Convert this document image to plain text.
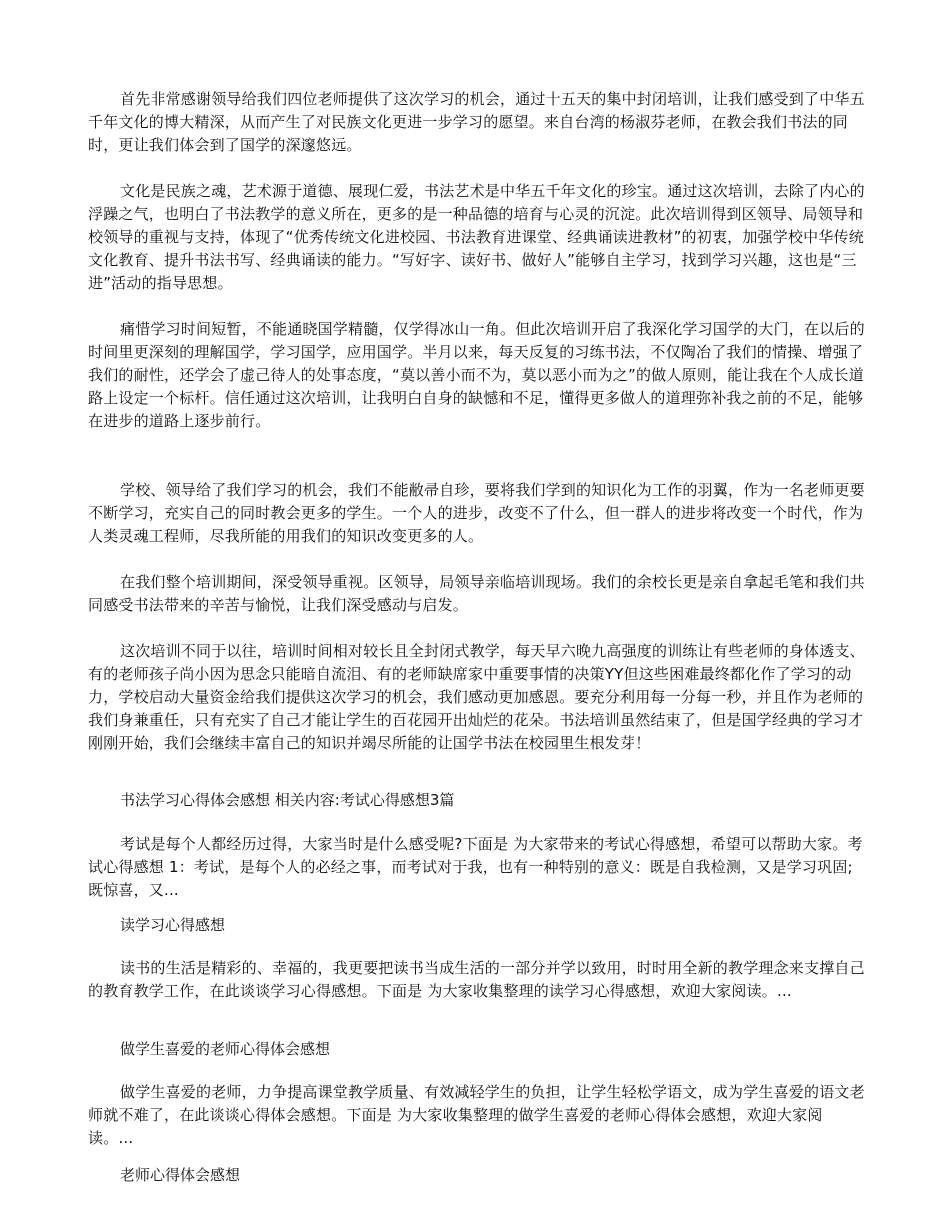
首先非常感谢领导给我们四位老师提供了这次学习的机会，通过十五天的集中封闭培训，让我们感受到了中华五千年文化的博大精深，从而产生了对民族文化更进一步学习的愿望。来自台湾的杨淑芬老师，在教会我们书法的同时，更让我们体会到了国学的深邃悠远。

文化是民族之魂，艺术源于道德、展现仁爱，书法艺术是中华五千年文化的珍宝。通过这次培训，去除了内心的浮躁之气，也明白了书法教学的意义所在，更多的是一种品德的培育与心灵的沉淀。此次培训得到区领导、局领导和校领导的重视与支持，体现了“优秀传统文化进校园、书法教育进课堂、经典诵读进教材”的初衷，加强学校中华传统文化教育、提升书法书写、经典诵读的能力。“写好字、读好书、做好人”能够自主学习，找到学习兴趣，这也是“三进”活动的指导思想。

痛惜学习时间短暂，不能通晓国学精髓，仅学得冰山一角。但此次培训开启了我深化学习国学的大门，在以后的时间里更深刻的理解国学，学习国学，应用国学。半月以来，每天反复的习练书法，不仅陶冶了我们的情操、增强了我们的耐性，还学会了虚己待人的处事态度，“莫以善小而不为，莫以恶小而为之”的做人原则，能让我在个人成长道路上设定一个标杆。信任通过这次培训，让我明白自身的缺憾和不足，懂得更多做人的道理弥补我之前的不足，能够在进步的道路上逐步前行。

学校、领导给了我们学习的机会，我们不能敝帚自珍，要将我们学到的知识化为工作的羽翼，作为一名老师更要不断学习，充实自己的同时教会更多的学生。一个人的进步，改变不了什么，但一群人的进步将改变一个时代，作为人类灵魂工程师，尽我所能的用我们的知识改变更多的人。

在我们整个培训期间，深受领导重视。区领导，局领导亲临培训现场。我们的余校长更是亲自拿起毛笔和我们共同感受书法带来的辛苦与愉悦，让我们深受感动与启发。

这次培训不同于以往，培训时间相对较长且全封闭式教学，每天早六晚九高强度的训练让有些老师的身体透支、有的老师孩子尚小因为思念只能暗自流泪、有的老师缺席家中重要事情的决策YY但这些困难最终都化作了学习的动力，学校启动大量资金给我们提供这次学习的机会，我们感动更加感恩。要充分利用每一分每一秒，并且作为老师的我们身兼重任，只有充实了自己才能让学生的百花园开出灿烂的花朵。书法培训虽然结束了，但是国学经典的学习才刚刚开始，我们会继续丰富自己的知识并竭尽所能的让国学书法在校园里生根发芽！

书法学习心得体会感想 相关内容:考试心得感想3篇

考试是每个人都经历过得，大家当时是什么感受呢?下面是 为大家带来的考试心得感想，希望可以帮助大家。考试心得感想 1：考试，是每个人的必经之事，而考试对于我，也有一种特别的意义：既是自我检测，又是学习巩固;既惊喜，又...

读学习心得感想

读书的生活是精彩的、幸福的，我更要把读书当成生活的一部分并学以致用，时时用全新的教学理念来支撑自己的教育教学工作，在此谈谈学习心得感想。下面是 为大家收集整理的读学习心得感想，欢迎大家阅读。...

做学生喜爱的老师心得体会感想

做学生喜爱的老师，力争提高课堂教学质量、有效减轻学生的负担，让学生轻松学语文，成为学生喜爱的语文老师就不难了，在此谈谈心得体会感想。下面是 为大家收集整理的做学生喜爱的老师心得体会感想，欢迎大家阅读。...

老师心得体会感想
